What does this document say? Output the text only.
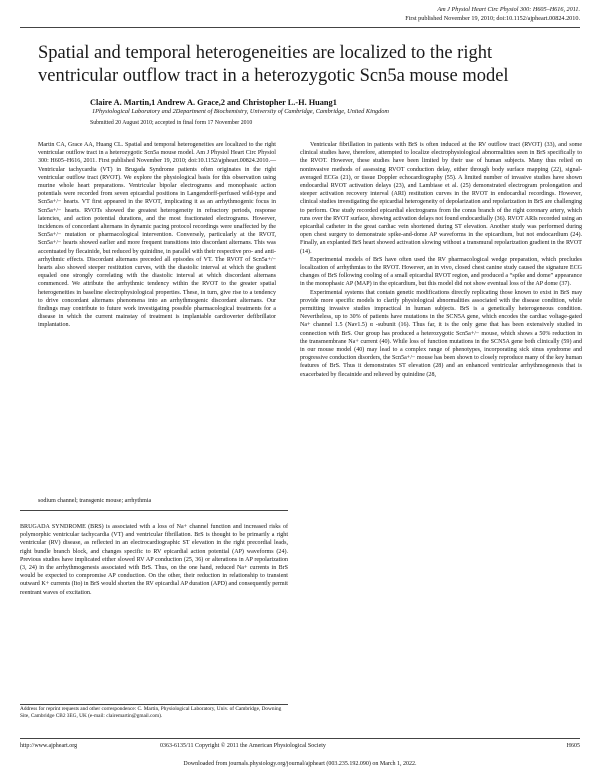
Am J Physiol Heart Circ Physiol 300: H605–H616, 2011.
First published November 19, 2010; doi:10.1152/ajpheart.00824.2010.
Spatial and temporal heterogeneities are localized to the right ventricular outflow tract in a heterozygotic Scn5a mouse model
Claire A. Martin,1 Andrew A. Grace,2 and Christopher L.-H. Huang1
1Physiological Laboratory and 2Department of Biochemistry, University of Cambridge, Cambridge, United Kingdom
Submitted 20 August 2010; accepted in final form 17 November 2010

Martin CA, Grace AA, Huang CL. Spatial and temporal heterogeneities are localized to the right ventricular outflow tract in a heterozygotic Scn5a mouse model. Am J Physiol Heart Circ Physiol 300: H605–H616, 2011. First published November 19, 2010; doi:10.1152/ajpheart.00824.2010.—Ventricular tachycardia (VT) in Brugada Syndrome patients often originates in the right ventricular outflow tract (RVOT). We explore the physiological basis for this observation using murine whole heart preparations. Ventricular bipolar electrograms and monophasic action potentials were recorded from seven epicardial positions in Langendorff-perfused wild-type and Scn5a+/− hearts. VT first appeared in the RVOT, implicating it as an arrhythmogenic focus in Scn5a+/− hearts. RVOTs showed the greatest heterogeneity in refractory periods, response latencies, and action potential durations, and the most fractionated electrograms. However, incidences of concordant alternans in dynamic pacing protocol recordings were unaffected by the Scn5a+/− mutation or pharmacological intervention. Conversely, particularly at the RVOT, Scn5a+/− hearts showed earlier and more frequent transitions into discordant alternans. This was accentuated by flecainide, but reduced by quinidine, in parallel with their respective pro- and anti-arrhythmic effects. Discordant alternans preceded all episodes of VT. The RVOT of Scn5a+/− hearts also showed steeper restitution curves, with the diastolic interval at which the gradient equaled one strongly correlating with the diastolic interval at which discordant alternans commenced. We attribute the arrhythmic tendency within the RVOT to the greater spatial heterogeneities in baseline electrophysiological properties. These, in turn, give rise to a tendency to drive concordant alternans phenomena into an arrhythmogenic discordant alternans. Our findings may contribute to future work investigating possible pharmacological treatments for a disease in which the current mainstay of treatment is implantable cardioverter defibrillator implantation.

sodium channel; transgenic mouse; arrhythmia

BRUGADA SYNDROME (BRS) is associated with a loss of Na+ channel function and increased risks of polymorphic ventricular tachycardia (VT) and ventricular fibrillation. BrS is thought to be primarily a right ventricular (RV) disease, as reflected in an electrocardiographic ST elevation in the right precordial leads, right bundle branch block, and changes specific to RV epicardial action potential (AP) waveforms (24). Previous studies have implicated either slowed RV AP conduction (25, 36) or alterations in AP repolarization (3, 24) in the arrhythmogenesis associated with BrS. Thus, on the one hand, reduced Na+ currents in BrS would be expected to compromise AP conduction. On the other, their reduction in relationship to transient outward K+ currents (Ito) in BrS would shorten the RV epicardial AP duration (APD) and consequently permit reentrant waves of excitation.

Ventricular fibrillation in patients with BrS is often induced at the RV outflow tract (RVOT) (33), and some clinical studies have, therefore, attempted to localize electrophysiological abnormalities seen in BrS specifically to the RVOT. However, these studies have been limited by their use of human subjects. Many thus relied on noninvasive methods of assessing RVOT conduction delay, either through body surface mapping (22), signal-averaged ECGs (21), or tissue Doppler echocardiography (55). A limited number of invasive studies have shown endocardial RVOT activation delays (23), and Lambiase et al. (25) demonstrated electrogram prolongation and steeper activation recovery interval (ARI) restitution curves in the RVOT in endocardial recordings. However, clinical studies investigating the epicardial heterogeneity of depolarization and repolarization in BrS are challenging to perform. One study recorded epicardial electrograms from the conus branch of the right coronary artery, which runs over the RVOT surface, showing activation delays not found endocardially (36). RVOT ARIs recorded using an epicardial catheter in the great cardiac vein shortened during ST elevation. Another study was performed during open chest surgery to demonstrate spike-and-dome AP waveforms in the epicardium, but not endocardium (24). Finally, an explanted BrS heart showed activation slowing without a transmural repolarization gradient in the RVOT (14).

Experimental models of BrS have often used the RV pharmacological wedge preparation, which precludes localization of arrhythmias to the RVOT. However, an in vivo, closed chest canine study caused the signature ECG changes of BrS following cooling of a small epicardial RVOT region, and produced a “spike and dome” appearance in the monophasic AP (MAP) in the epicardium, but this model did not show eventual loss of the AP dome (37).

Experimental systems that contain genetic modifications directly replicating those known to exist in BrS may provide more specific models to clarify physiological abnormalities associated with the disease condition, while permitting invasive studies impractical in human subjects. BrS is a genetically heterogeneous condition. Nevertheless, up to 30% of patients have mutations in the SCN5A gene, which encodes the cardiac voltage-gated Na+ channel 1.5 (Nav1.5) α -subunit (16). Thus far, it is the only gene that has been extensively studied in connection with BrS. Our group has produced a heterozygotic Scn5a+/− mouse, which shows a 50% reduction in the transmembrane Na+ current (40). While loss of function mutations in the SCN5A gene both clinically (59) and in our mouse model (40) may lead to a complex range of phenotypes, incorporating sick sinus syndrome and progressive conduction disorders, the Scn5a+/− mouse has been shown to closely reproduce many of the key human features of BrS. Thus it demonstrates ST elevation (28) and an enhanced ventricular arrhythmogenesis that is exacerbated by flecainide and relieved by quinidine (28,

Address for reprint requests and other correspondence: C. Martin, Physiological Laboratory, Univ. of Cambridge, Downing Site, Cambridge CB2 3EG, UK (e-mail: clairemartin@gmail.com).
http://www.ajpheart.org	0363-6135/11 Copyright © 2011 the American Physiological Society	H605
Downloaded from journals.physiology.org/journal/ajpheart (003.235.192.090) on March 1, 2022.
